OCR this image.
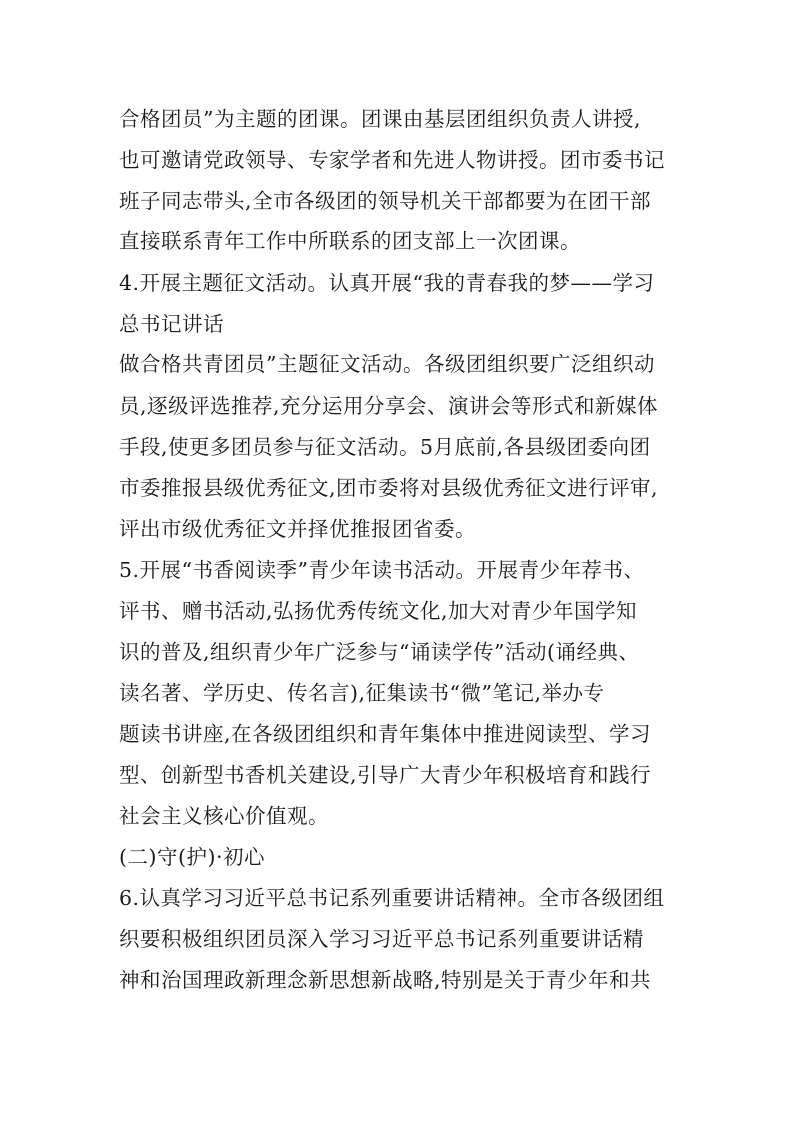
合格团员”为主题的团课。团课由基层团组织负责人讲授,
也可邀请党政领导、专家学者和先进人物讲授。团市委书记
班子同志带头,全市各级团的领导机关干部都要为在团干部
直接联系青年工作中所联系的团支部上一次团课。
4.开展主题征文活动。认真开展“我的青春我的梦——学习
总书记讲话
做合格共青团员”主题征文活动。各级团组织要广泛组织动
员,逐级评选推荐,充分运用分享会、演讲会等形式和新媒体
手段,使更多团员参与征文活动。5月底前,各县级团委向团
市委推报县级优秀征文,团市委将对县级优秀征文进行评审,
评出市级优秀征文并择优推报团省委。
5.开展“书香阅读季”青少年读书活动。开展青少年荐书、
评书、赠书活动,弘扬优秀传统文化,加大对青少年国学知
识的普及,组织青少年广泛参与“诵读学传”活动(诵经典、
读名著、学历史、传名言),征集读书“微”笔记,举办专
题读书讲座,在各级团组织和青年集体中推进阅读型、学习
型、创新型书香机关建设,引导广大青少年积极培育和践行
社会主义核心价值观。
(二)守(护)·初心
6.认真学习习近平总书记系列重要讲话精神。全市各级团组
织要积极组织团员深入学习习近平总书记系列重要讲话精
神和治国理政新理念新思想新战略,特别是关于青少年和共
